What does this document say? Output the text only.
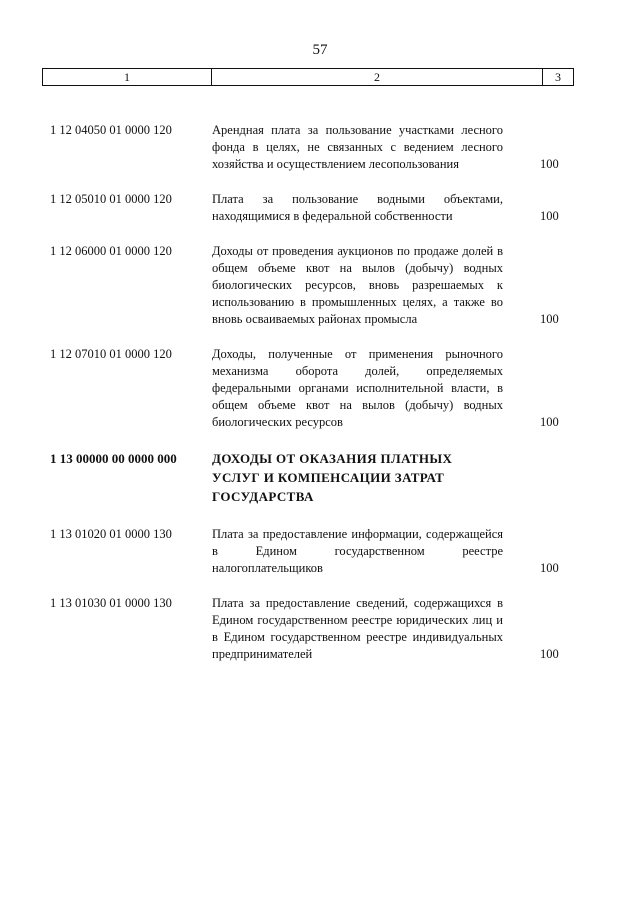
57
1	2	3
1 12 04050 01 0000 120	Арендная плата за пользование участками лесного фонда в целях, не связанных с ведением лесного хозяйства и осуществлением лесопользования	100
1 12 05010 01 0000 120	Плата за пользование водными объектами, находящимися в федеральной собственности	100
1 12 06000 01 0000 120	Доходы от проведения аукционов по продаже долей в общем объеме квот на вылов (добычу) водных биологических ресурсов, вновь разрешаемых к использованию в промышленных целях, а также во вновь осваиваемых районах промысла	100
1 12 07010 01 0000 120	Доходы, полученные от применения рыночного механизма оборота долей, определяемых федеральными органами исполнительной власти, в общем объеме квот на вылов (добычу) водных биологических ресурсов	100
1 13 00000 00 0000 000	ДОХОДЫ ОТ ОКАЗАНИЯ ПЛАТНЫХ УСЛУГ И КОМПЕНСАЦИИ ЗАТРАТ ГОСУДАРСТВА
1 13 01020 01 0000 130	Плата за предоставление информации, содержащейся в Едином государственном реестре налогоплательщиков	100
1 13 01030 01 0000 130	Плата за предоставление сведений, содержащихся в Едином государственном реестре юридических лиц и в Едином государственном реестре индивидуальных предпринимателей	100
